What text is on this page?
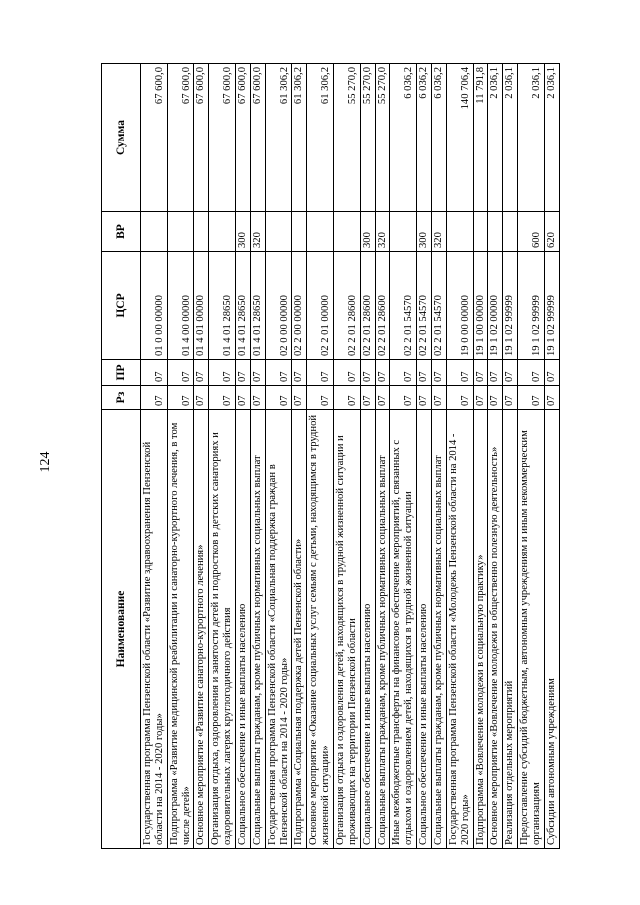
124
Наименование	Рз	ПР	ЦСР	ВР	Сумма
Государственная программа Пензенской области «Развитие здравоохранения Пензенской области на 2014 - 2020 годы»	07	07	01 0 00 00000		67 600,0
Подпрограмма «Развитие медицинской реабилитации и санаторно-курортного лечения, в том числе детей»	07	07	01 4 00 00000		67 600,0
Основное мероприятие «Развитие санаторно-курортного лечения»	07	07	01 4 01 00000		67 600,0
Организация отдыха, оздоровления и занятости детей и подростков в детских санаториях и оздоровительных лагерях круглогодичного действия	07	07	01 4 01 28650		67 600,0
Социальное обеспечение и иные выплаты населению	07	07	01 4 01 28650	300	67 600,0
Социальные выплаты гражданам, кроме публичных нормативных социальных выплат	07	07	01 4 01 28650	320	67 600,0
Государственная программа Пензенской области «Социальная поддержка граждан в Пензенской области на 2014 - 2020 годы»	07	07	02 0 00 00000		61 306,2
Подпрограмма «Социальная поддержка детей Пензенской области»	07	07	02 2 00 00000		61 306,2
Основное мероприятие «Оказание социальных услуг семьям с детьми, находящимся в трудной жизненной ситуации»	07	07	02 2 01 00000		61 306,2
Организация отдыха и оздоровления детей, находящихся в трудной жизненной ситуации и проживающих на территории Пензенской области	07	07	02 2 01 28600		55 270,0
Социальное обеспечение и иные выплаты населению	07	07	02 2 01 28600	300	55 270,0
Социальные выплаты гражданам, кроме публичных нормативных социальных выплат	07	07	02 2 01 28600	320	55 270,0
Иные межбюджетные трансферты на финансовое обеспечение мероприятий, связанных с отдыхом и оздоровлением детей, находящихся в трудной жизненной ситуации	07	07	02 2 01 54570		6 036,2
Социальное обеспечение и иные выплаты населению	07	07	02 2 01 54570	300	6 036,2
Социальные выплаты гражданам, кроме публичных нормативных социальных выплат	07	07	02 2 01 54570	320	6 036,2
Государственная программа Пензенской области «Молодежь Пензенской области на 2014 - 2020 годы»	07	07	19 0 00 00000		140 706,4
Подпрограмма «Вовлечение молодежи в социальную практику»	07	07	19 1 00 00000		11 791,8
Основное мероприятие «Вовлечение молодежи в общественно полезную деятельность»	07	07	19 1 02 00000		2 036,1
Реализация отдельных мероприятий	07	07	19 1 02 99999		2 036,1
Предоставление субсидий бюджетным, автономным учреждениям и иным некоммерческим организациям	07	07	19 1 02 99999	600	2 036,1
Субсидии автономным учреждениям	07	07	19 1 02 99999	620	2 036,1
